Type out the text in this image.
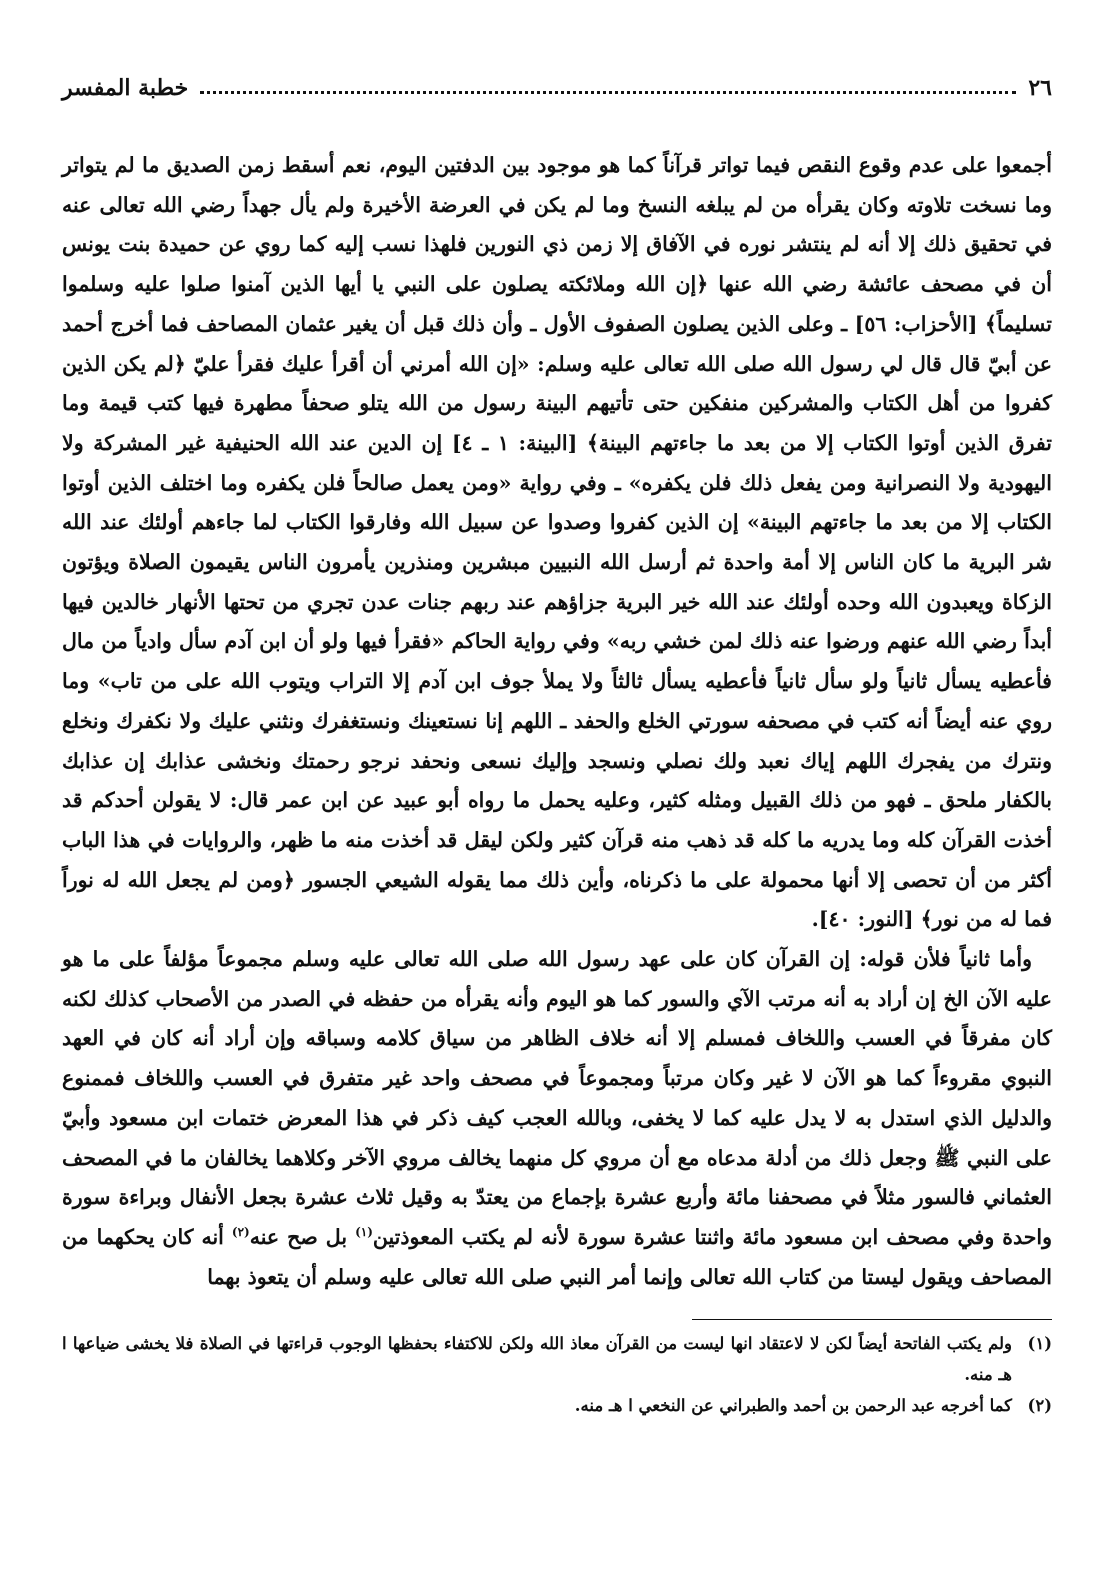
٢٦
خطبة المفسر

أجمعوا على عدم وقوع النقص فيما تواتر قرآناً كما هو موجود بين الدفتين اليوم، نعم أسقط زمن الصديق ما لم يتواتر وما نسخت تلاوته وكان يقرأه من لم يبلغه النسخ وما لم يكن في العرضة الأخيرة ولم يأل جهداً رضي الله تعالى عنه في تحقيق ذلك إلا أنه لم ينتشر نوره في الآفاق إلا زمن ذي النورين فلهذا نسب إليه كما روي عن حميدة بنت يونس أن في مصحف عائشة رضي الله عنها ﴿إن الله وملائكته يصلون على النبي يا أيها الذين آمنوا صلوا عليه وسلموا تسليماً﴾ [الأحزاب: ٥٦] ـ وعلى الذين يصلون الصفوف الأول ـ وأن ذلك قبل أن يغير عثمان المصاحف فما أخرج أحمد عن أبيّ قال قال لي رسول الله صلى الله تعالى عليه وسلم: «إن الله أمرني أن أقرأ عليك فقرأ عليّ ﴿لم يكن الذين كفروا من أهل الكتاب والمشركين منفكين حتى تأتيهم البينة رسول من الله يتلو صحفاً مطهرة فيها كتب قيمة وما تفرق الذين أوتوا الكتاب إلا من بعد ما جاءتهم البينة﴾ [البينة: ١ ـ ٤] إن الدين عند الله الحنيفية غير المشركة ولا اليهودية ولا النصرانية ومن يفعل ذلك فلن يكفره» ـ وفي رواية «ومن يعمل صالحاً فلن يكفره وما اختلف الذين أوتوا الكتاب إلا من بعد ما جاءتهم البينة» إن الذين كفروا وصدوا عن سبيل الله وفارقوا الكتاب لما جاءهم أولئك عند الله شر البرية ما كان الناس إلا أمة واحدة ثم أرسل الله النبيين مبشرين ومنذرين يأمرون الناس يقيمون الصلاة ويؤتون الزكاة ويعبدون الله وحده أولئك عند الله خير البرية جزاؤهم عند ربهم جنات عدن تجري من تحتها الأنهار خالدين فيها أبداً رضي الله عنهم ورضوا عنه ذلك لمن خشي ربه» وفي رواية الحاكم «فقرأ فيها ولو أن ابن آدم سأل وادياً من مال فأعطيه يسأل ثانياً ولو سأل ثانياً فأعطيه يسأل ثالثاً ولا يملأ جوف ابن آدم إلا التراب ويتوب الله على من تاب» وما روي عنه أيضاً أنه كتب في مصحفه سورتي الخلع والحفد ـ اللهم إنا نستعينك ونستغفرك ونثني عليك ولا نكفرك ونخلع ونترك من يفجرك اللهم إياك نعبد ولك نصلي ونسجد وإليك نسعى ونحفد نرجو رحمتك ونخشى عذابك إن عذابك بالكفار ملحق ـ فهو من ذلك القبيل ومثله كثير، وعليه يحمل ما رواه أبو عبيد عن ابن عمر قال: لا يقولن أحدكم قد أخذت القرآن كله وما يدريه ما كله قد ذهب منه قرآن كثير ولكن ليقل قد أخذت منه ما ظهر، والروايات في هذا الباب أكثر من أن تحصى إلا أنها محمولة على ما ذكرناه، وأين ذلك مما يقوله الشيعي الجسور ﴿ومن لم يجعل الله له نوراً فما له من نور﴾ [النور: ٤٠].

وأما ثانياً فلأن قوله: إن القرآن كان على عهد رسول الله صلى الله تعالى عليه وسلم مجموعاً مؤلفاً على ما هو عليه الآن الخ إن أراد به أنه مرتب الآي والسور كما هو اليوم وأنه يقرأه من حفظه في الصدر من الأصحاب كذلك لكنه كان مفرقاً في العسب واللخاف فمسلم إلا أنه خلاف الظاهر من سياق كلامه وسباقه وإن أراد أنه كان في العهد النبوي مقروءاً كما هو الآن لا غير وكان مرتباً ومجموعاً في مصحف واحد غير متفرق في العسب واللخاف فممنوع والدليل الذي استدل به لا يدل عليه كما لا يخفى، وبالله العجب كيف ذكر في هذا المعرض ختمات ابن مسعود وأبيّ على النبي ﷺ وجعل ذلك من أدلة مدعاه مع أن مروي كل منهما يخالف مروي الآخر وكلاهما يخالفان ما في المصحف العثماني فالسور مثلاً في مصحفنا مائة وأربع عشرة بإجماع من يعتدّ به وقيل ثلاث عشرة بجعل الأنفال وبراءة سورة واحدة وفي مصحف ابن مسعود مائة واثنتا عشرة سورة لأنه لم يكتب المعوذتين$^{(١)}$ بل صح عنه$^{(٢)}$ أنه كان يحكهما من المصاحف ويقول ليستا من كتاب الله تعالى وإنما أمر النبي صلى الله تعالى عليه وسلم أن يتعوذ بهما

(١)
ولم يكتب الفاتحة أيضاً لكن لا لاعتقاد انها ليست من القرآن معاذ الله ولكن للاكتفاء بحفظها الوجوب قراءتها في الصلاة فلا يخشى ضياعها ا هـ منه.
(٢)
كما أخرجه عبد الرحمن بن أحمد والطبراني عن النخعي ا هـ منه.
